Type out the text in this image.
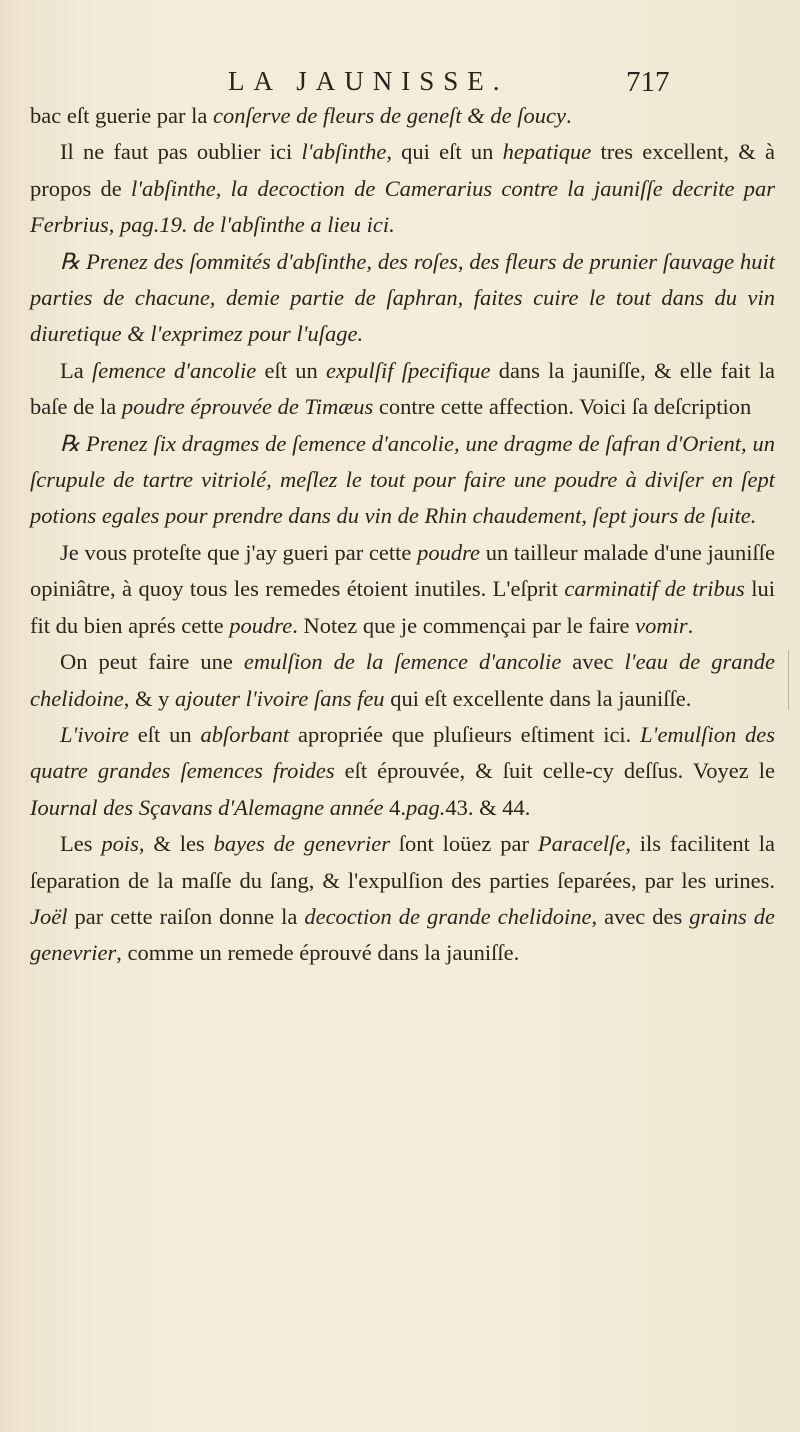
LA JAUNISSE.	717

bac eſt guerie par la conſerve de fleurs de geneſt & de ſoucy.

Il ne faut pas oublier ici l'abſinthe, qui eſt un hepatique tres excellent, & à propos de l'abſinthe, la decoction de Camerarius contre la jauniſſe decrite par Ferbrius, pag.19. de l'abſinthe a lieu ici.

℞ Prenez des ſommités d'abſinthe, des roſes, des fleurs de prunier ſauvage huit parties de chacune, demie partie de ſaphran, faites cuire le tout dans du vin diuretique & l'exprimez pour l'uſage.

La ſemence d'ancolie eſt un expulſif ſpecifique dans la jauniſſe, & elle fait la baſe de la poudre éprouvée de Timæus contre cette affection. Voici ſa deſcription

℞ Prenez ſix dragmes de ſemence d'ancolie, une dragme de ſafran d'Orient, un ſcrupule de tartre vitriolé, meſlez le tout pour faire une poudre à diviſer en ſept potions egales pour prendre dans du vin de Rhin chaudement, ſept jours de ſuite.

Je vous proteſte que j'ay gueri par cette poudre un tailleur malade d'une jauniſſe opiniâtre, à quoy tous les remedes étoient inutiles. L'eſprit carminatif de tribus lui fit du bien aprés cette poudre. Notez que je commençai par le faire vomir.

On peut faire une emulſion de la ſemence d'ancolie avec l'eau de grande chelidoine, & y ajouter l'ivoire ſans feu qui eſt excellente dans la jauniſſe.

L'ivoire eſt un abſorbant apropriée que pluſieurs eſtiment ici. L'emulſion des quatre grandes ſemences froides eſt éprouvée, & ſuit celle-cy deſſus. Voyez le Iournal des Sçavans d'Alemagne année 4.pag.43. & 44.

Les pois, & les bayes de genevrier ſont loüez par Paracelſe, ils facilitent la ſeparation de la maſſe du ſang, & l'expulſion des parties ſeparées, par les urines. Joël par cette raiſon donne la decoction de grande chelidoine, avec des grains de genevrier, comme un remede éprouvé dans la jauniſſe.
